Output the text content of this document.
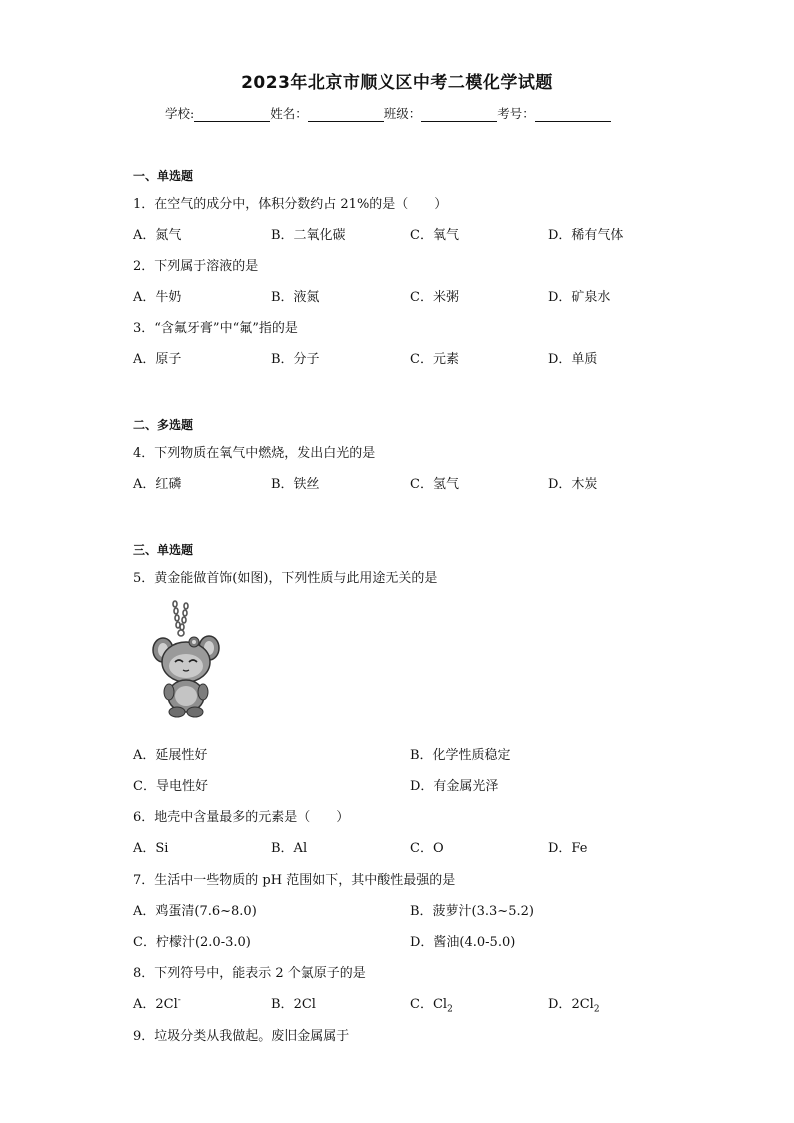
2023年北京市顺义区中考二模化学试题
学校:	姓名：	班级：	考号：
一、单选题
1．在空气的成分中，体积分数约占 21%的是（　　）
A．氮气	B．二氧化碳	C．氧气	D．稀有气体
2．下列属于溶液的是
A．牛奶	B．液氮	C．米粥	D．矿泉水
3．“含氟牙膏”中“氟”指的是
A．原子	B．分子	C．元素	D．单质
二、多选题
4．下列物质在氧气中燃烧，发出白光的是
A．红磷	B．铁丝	C．氢气	D．木炭
三、单选题
5．黄金能做首饰(如图)，下列性质与此用途无关的是
A．延展性好	B．化学性质稳定
C．导电性好	D．有金属光泽
6．地壳中含量最多的元素是（　　）
A．Si	B．Al	C．O	D．Fe
7．生活中一些物质的 pH 范围如下，其中酸性最强的是
A．鸡蛋清(7.6~8.0)	B．菠萝汁(3.3~5.2)
C．柠檬汁(2.0-3.0)	D．酱油(4.0-5.0)
8．下列符号中，能表示 2 个氯原子的是
A．2Cl-	B．2Cl	C．$Cl_2$	D．$2Cl_2$
9．垃圾分类从我做起。废旧金属属于
